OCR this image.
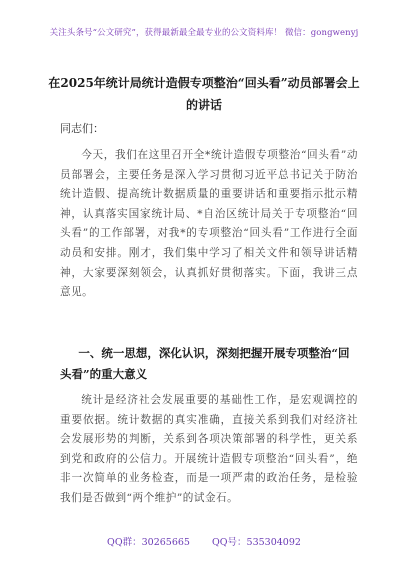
关注头条号“公文研究”，获得最新最全最专业的公文资料库！ 微信：gongwenyj
在2025年统计局统计造假专项整治“回头看”动员部署会上的讲话
同志们：
今天，我们在这里召开全*统计造假专项整治“回头看”动员部署会，主要任务是深入学习贯彻习近平总书记关于防治统计造假、提高统计数据质量的重要讲话和重要指示批示精神，认真落实国家统计局、*自治区统计局关于专项整治“回头看”的工作部署，对我*的专项整治“回头看”工作进行全面动员和安排。刚才，我们集中学习了相关文件和领导讲话精神，大家要深刻领会，认真抓好贯彻落实。下面，我讲三点意见。
一、统一思想，深化认识，深刻把握开展专项整治“回头看”的重大意义
统计是经济社会发展重要的基础性工作，是宏观调控的重要依据。统计数据的真实准确，直接关系到我们对经济社会发展形势的判断，关系到各项决策部署的科学性，更关系到党和政府的公信力。开展统计造假专项整治“回头看”，绝非一次简单的业务检查，而是一项严肃的政治任务，是检验我们是否做到“两个维护”的试金石。
QQ群：30265665 QQ号：535304092
